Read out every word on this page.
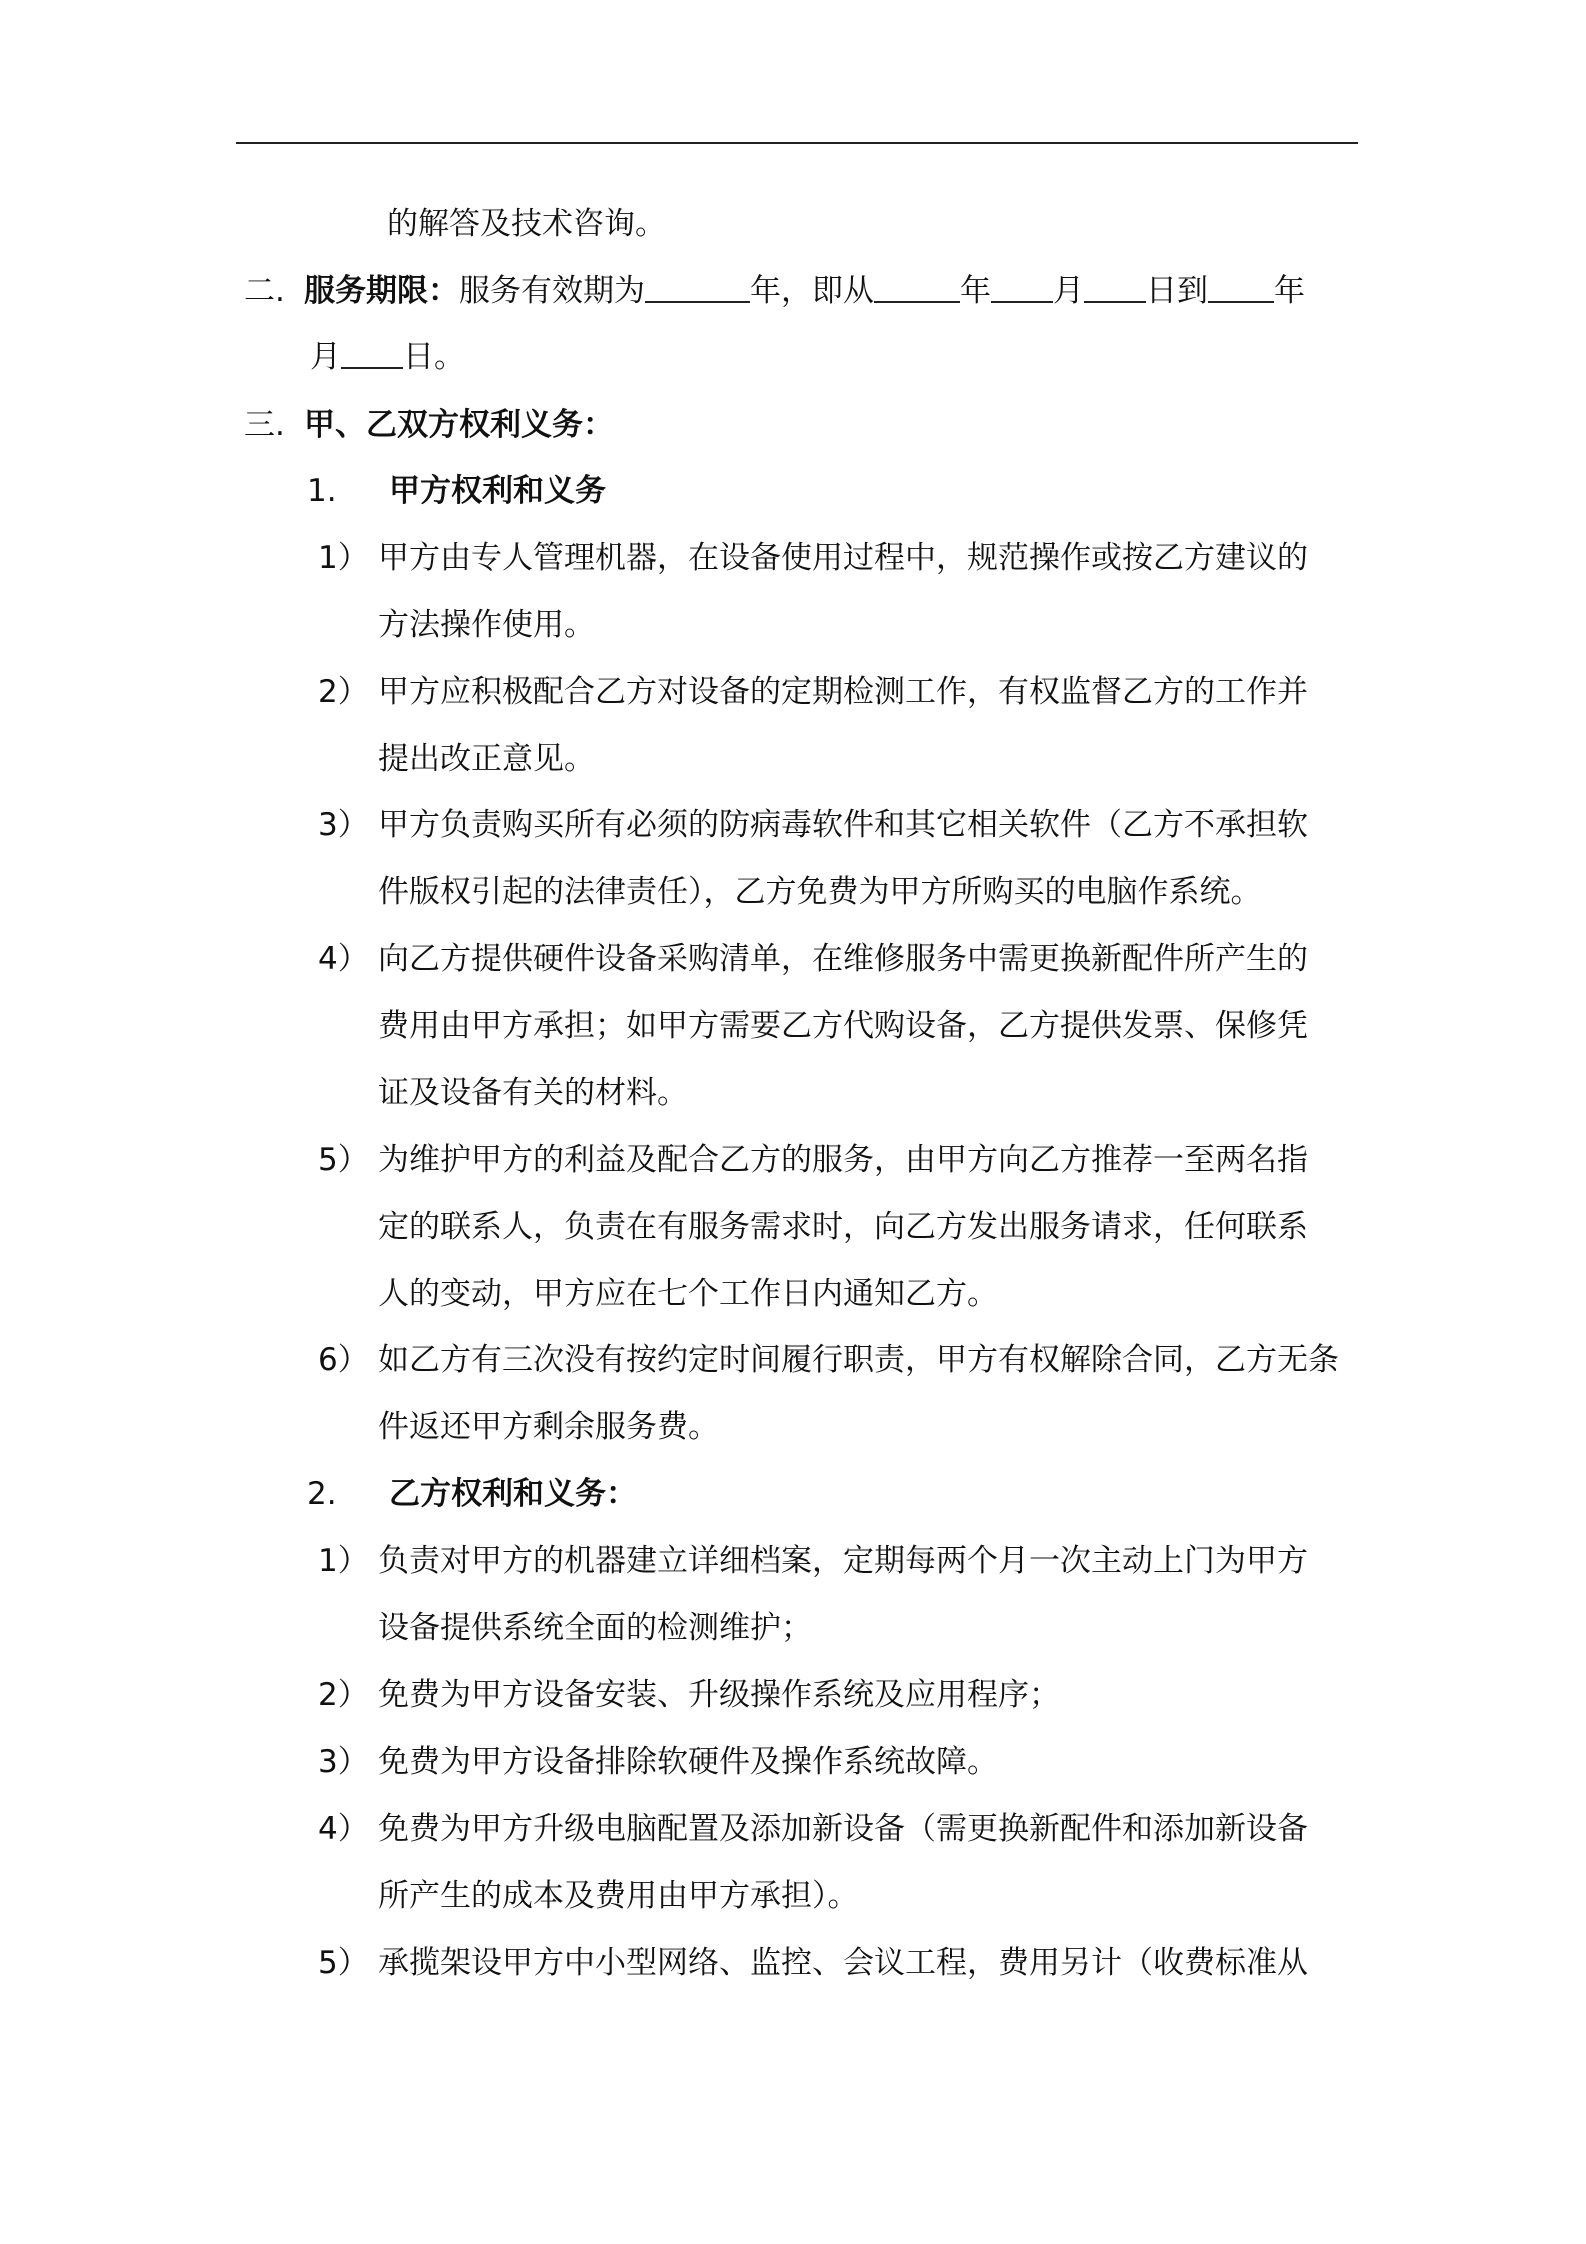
的解答及技术咨询。
二. 服务期限：服务有效期为	年，即从	年 月 日到 年
月 日。
三. 甲、乙双方权利义务：
1. 甲方权利和义务
1） 甲方由专人管理机器，在设备使用过程中，规范操作或按乙方建议的
方法操作使用。
2） 甲方应积极配合乙方对设备的定期检测工作，有权监督乙方的工作并
提出改正意见。
3） 甲方负责购买所有必须的防病毒软件和其它相关软件（乙方不承担软
件版权引起的法律责任），乙方免费为甲方所购买的电脑作系统。
4） 向乙方提供硬件设备采购清单，在维修服务中需更换新配件所产生的
费用由甲方承担；如甲方需要乙方代购设备，乙方提供发票、保修凭
证及设备有关的材料。
5） 为维护甲方的利益及配合乙方的服务，由甲方向乙方推荐一至两名指
定的联系人，负责在有服务需求时，向乙方发出服务请求，任何联系
人的变动，甲方应在七个工作日内通知乙方。
6） 如乙方有三次没有按约定时间履行职责，甲方有权解除合同，乙方无条
件返还甲方剩余服务费。
2. 乙方权利和义务：
1） 负责对甲方的机器建立详细档案，定期每两个月一次主动上门为甲方
设备提供系统全面的检测维护；
2） 免费为甲方设备安装、升级操作系统及应用程序；
3） 免费为甲方设备排除软硬件及操作系统故障。
4） 免费为甲方升级电脑配置及添加新设备（需更换新配件和添加新设备
所产生的成本及费用由甲方承担）。
5） 承揽架设甲方中小型网络、监控、会议工程，费用另计（收费标准从
